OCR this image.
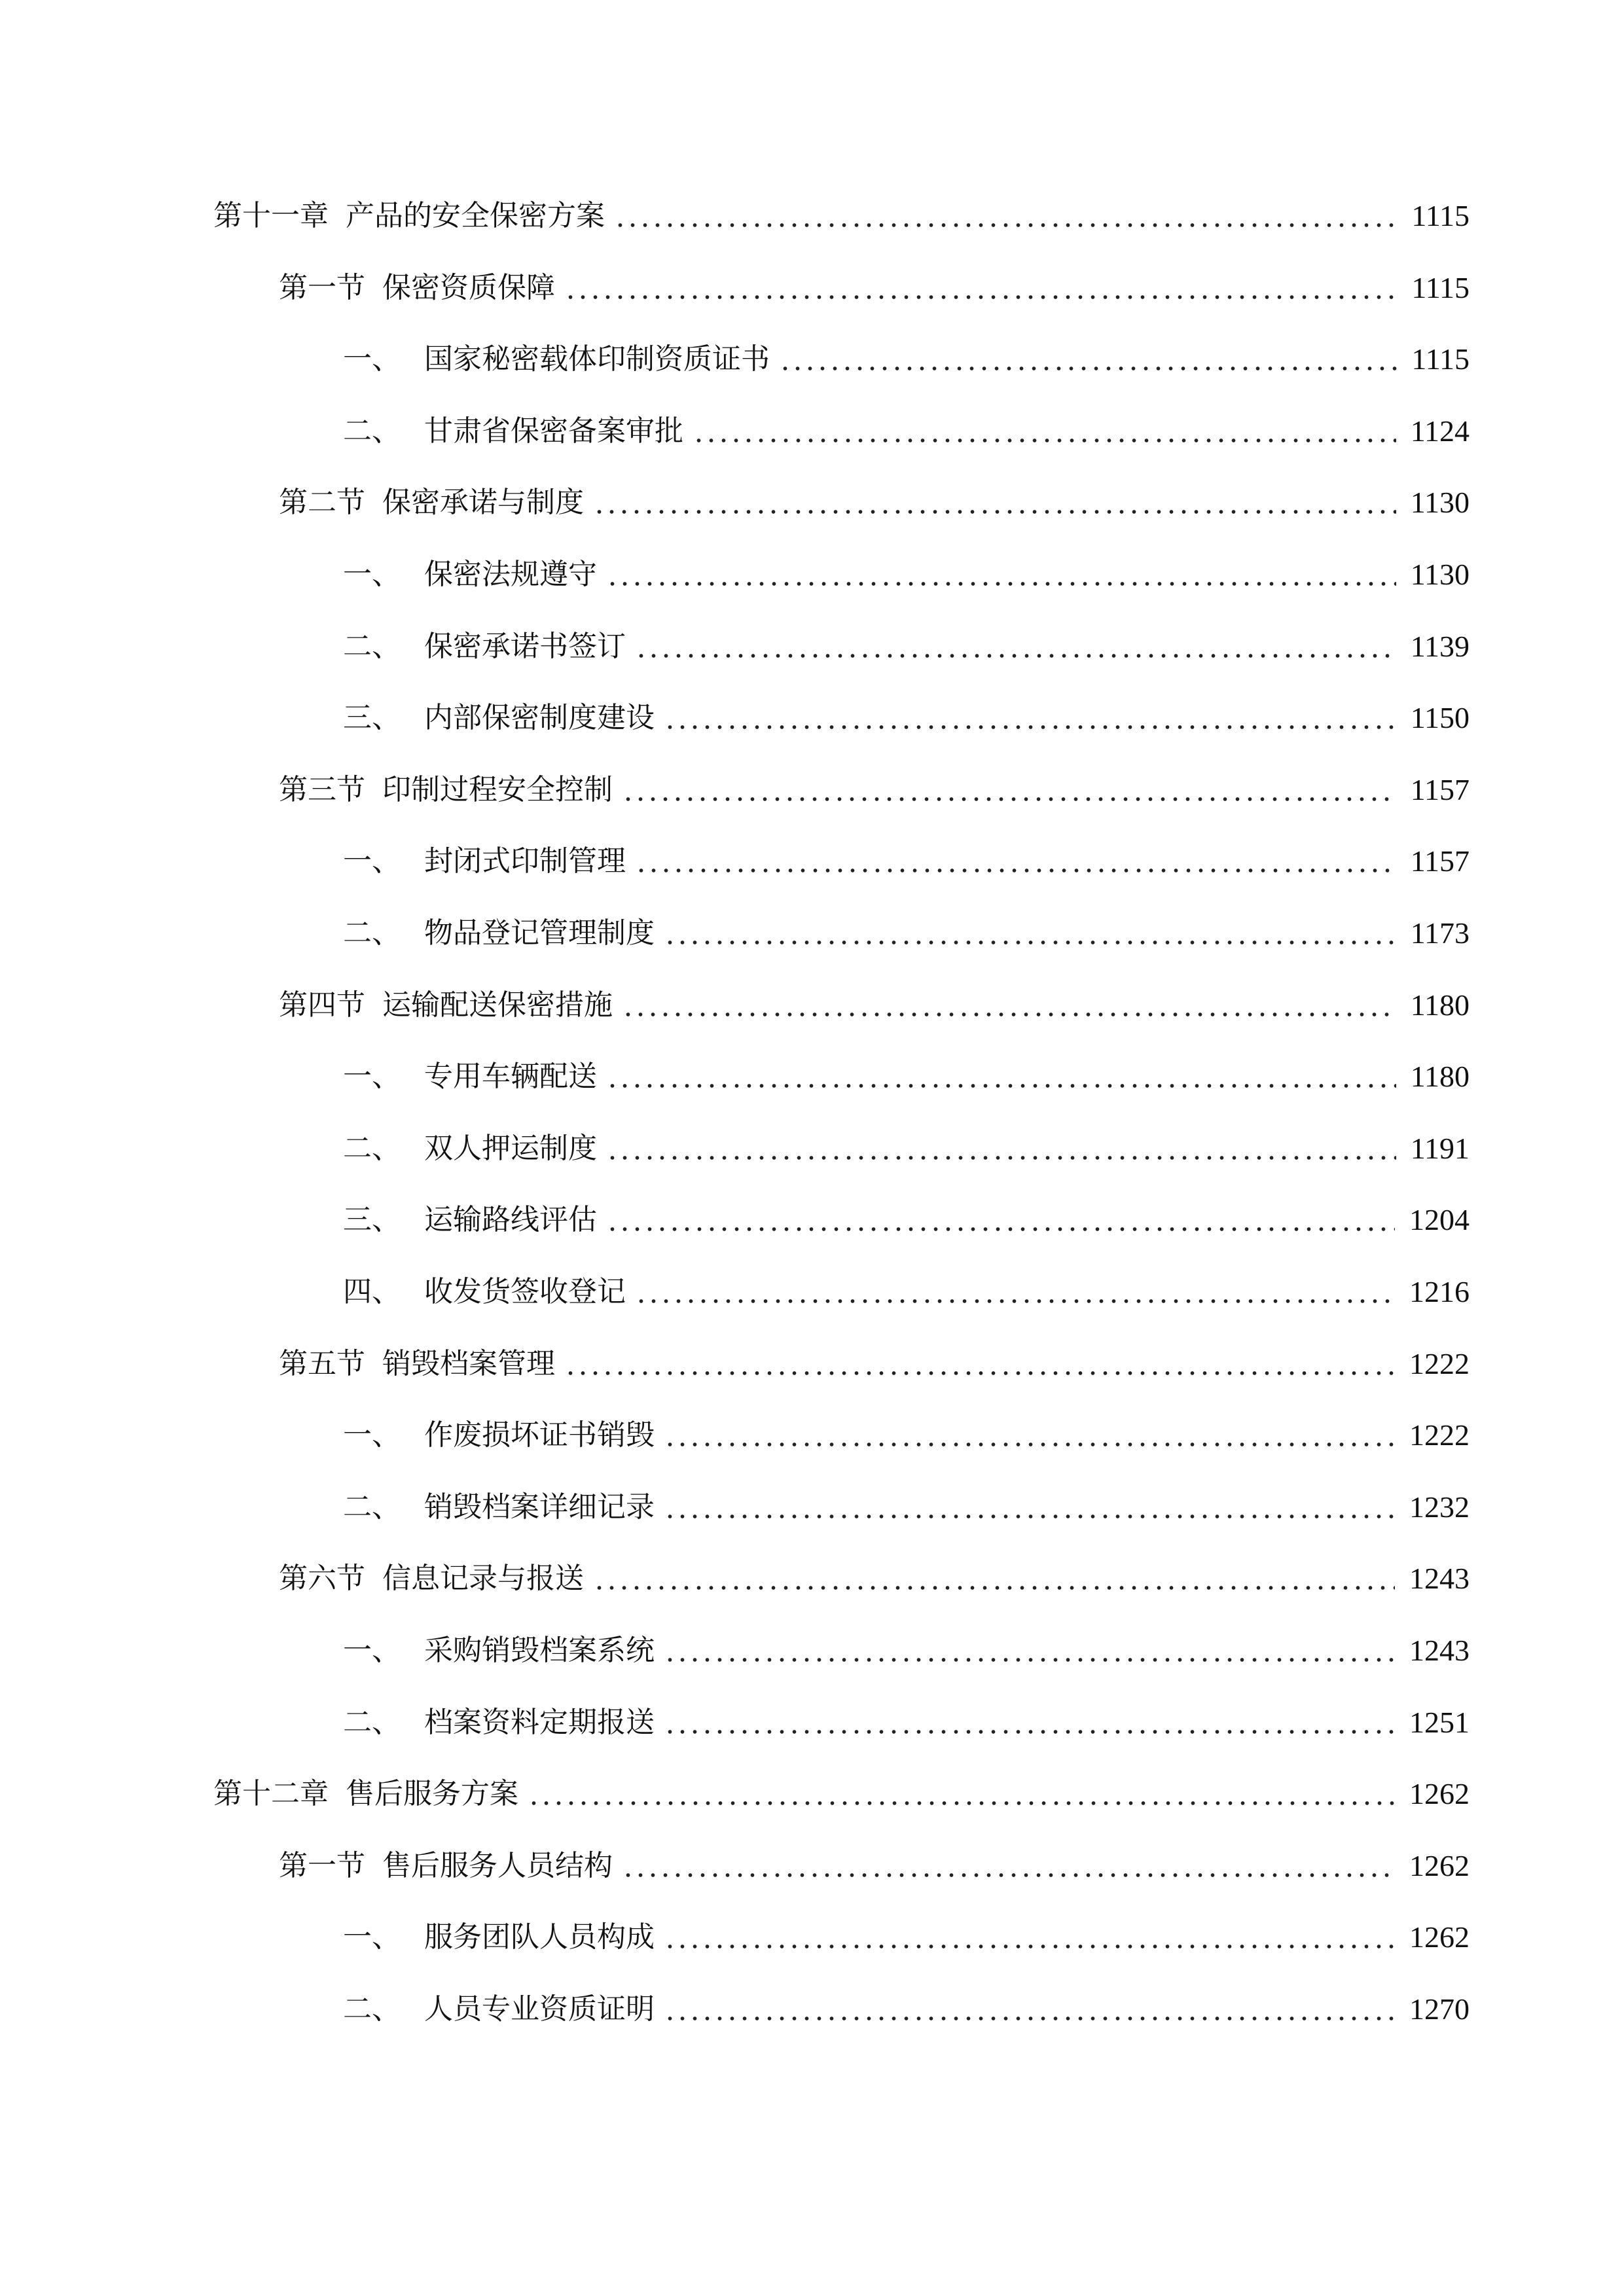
第十一章 产品的安全保密方案	1115
第一节 保密资质保障	1115
一、 国家秘密载体印制资质证书	1115
二、 甘肃省保密备案审批	1124
第二节 保密承诺与制度	1130
一、 保密法规遵守	1130
二、 保密承诺书签订	1139
三、 内部保密制度建设	1150
第三节 印制过程安全控制	1157
一、 封闭式印制管理	1157
二、 物品登记管理制度	1173
第四节 运输配送保密措施	1180
一、 专用车辆配送	1180
二、 双人押运制度	1191
三、 运输路线评估	1204
四、 收发货签收登记	1216
第五节 销毁档案管理	1222
一、 作废损坏证书销毁	1222
二、 销毁档案详细记录	1232
第六节 信息记录与报送	1243
一、 采购销毁档案系统	1243
二、 档案资料定期报送	1251
第十二章 售后服务方案	1262
第一节 售后服务人员结构	1262
一、 服务团队人员构成	1262
二、 人员专业资质证明	1270
